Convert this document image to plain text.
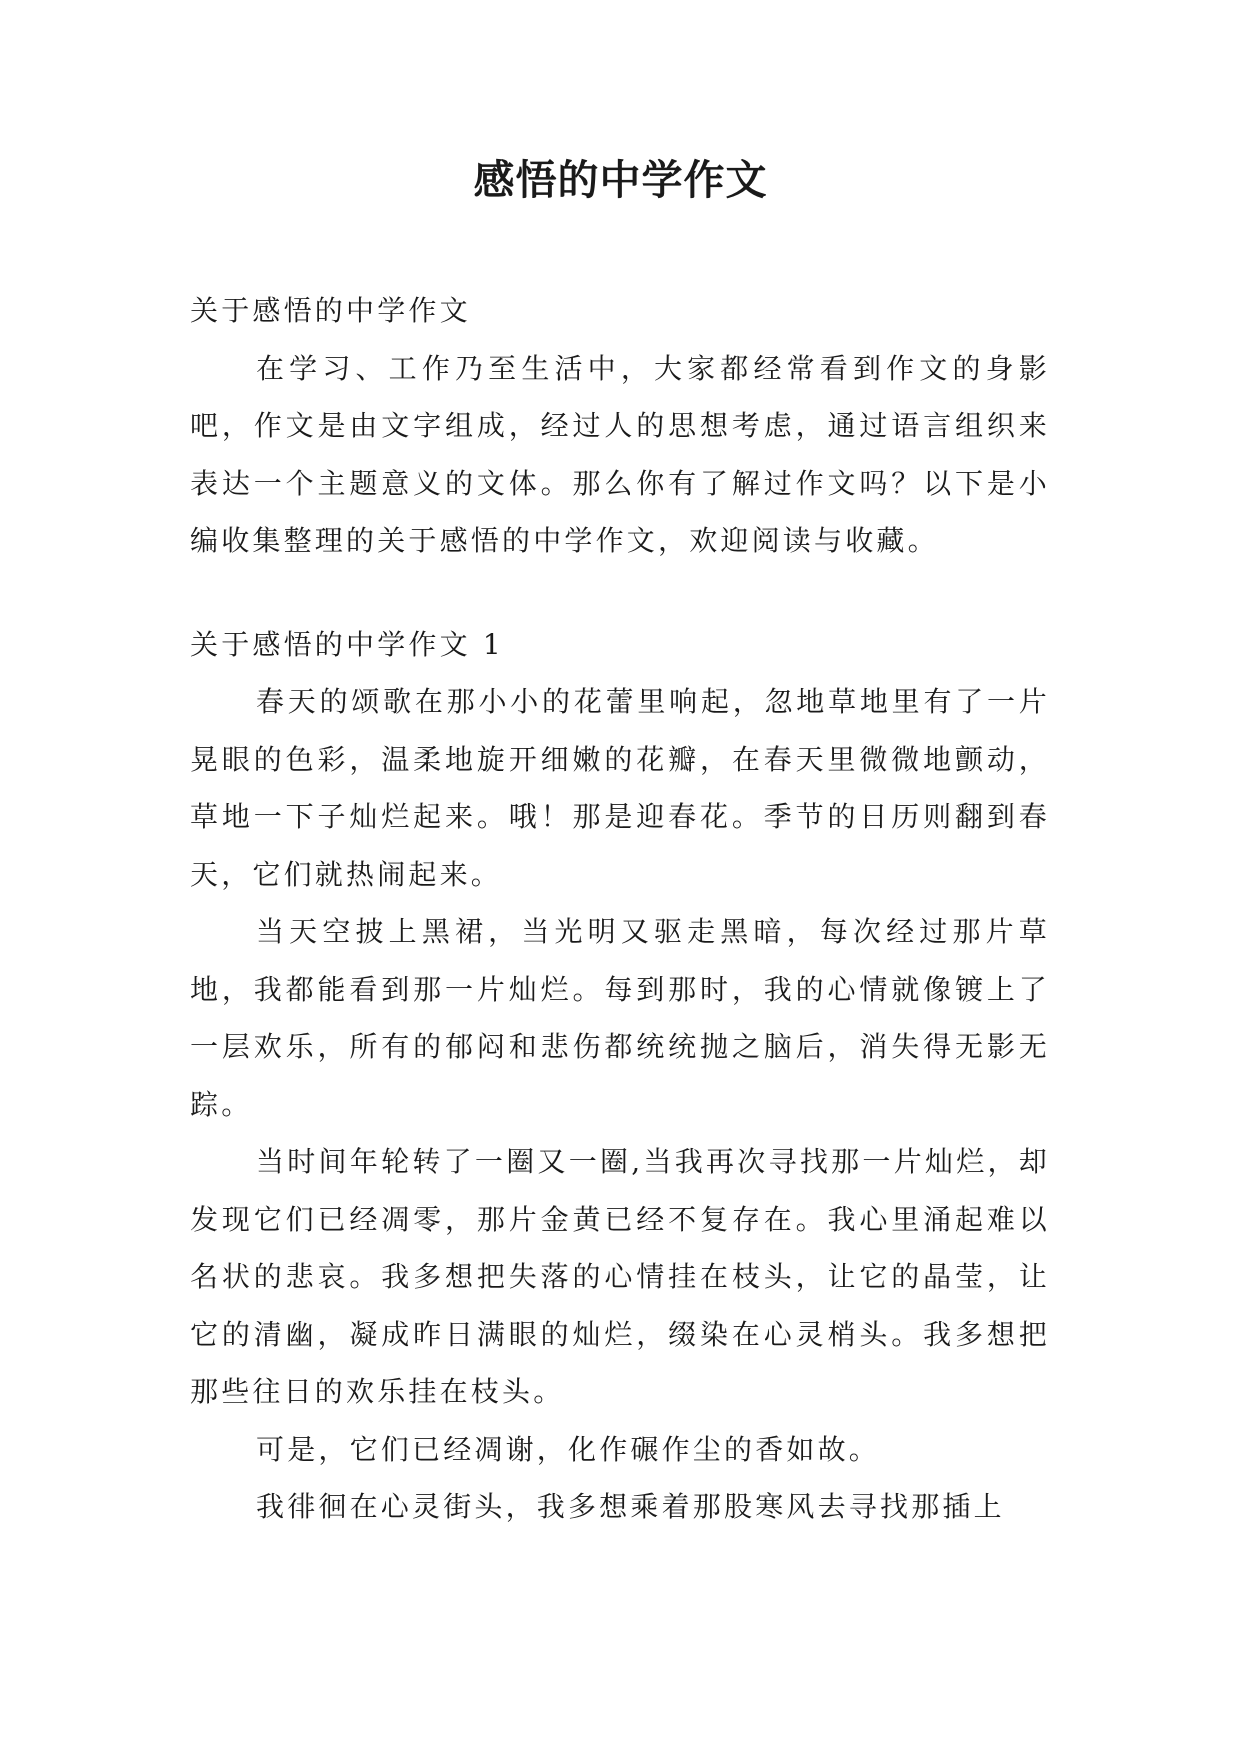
感悟的中学作文

关于感悟的中学作文

在学习、工作乃至生活中，大家都经常看到作文的身影吧，作文是由文字组成，经过人的思想考虑，通过语言组织来表达一个主题意义的文体。那么你有了解过作文吗？以下是小编收集整理的关于感悟的中学作文，欢迎阅读与收藏。

关于感悟的中学作文 1

春天的颂歌在那小小的花蕾里响起，忽地草地里有了一片晃眼的色彩，温柔地旋开细嫩的花瓣，在春天里微微地颤动，草地一下子灿烂起来。哦！那是迎春花。季节的日历则翻到春天，它们就热闹起来。

当天空披上黑裙，当光明又驱走黑暗，每次经过那片草地，我都能看到那一片灿烂。每到那时，我的心情就像镀上了一层欢乐，所有的郁闷和悲伤都统统抛之脑后，消失得无影无踪。

当时间年轮转了一圈又一圈,当我再次寻找那一片灿烂，却发现它们已经凋零，那片金黄已经不复存在。我心里涌起难以名状的悲哀。我多想把失落的心情挂在枝头，让它的晶莹，让它的清幽，凝成昨日满眼的灿烂，缀染在心灵梢头。我多想把那些往日的欢乐挂在枝头。

可是，它们已经凋谢，化作碾作尘的香如故。

我徘徊在心灵街头，我多想乘着那股寒风去寻找那插上
